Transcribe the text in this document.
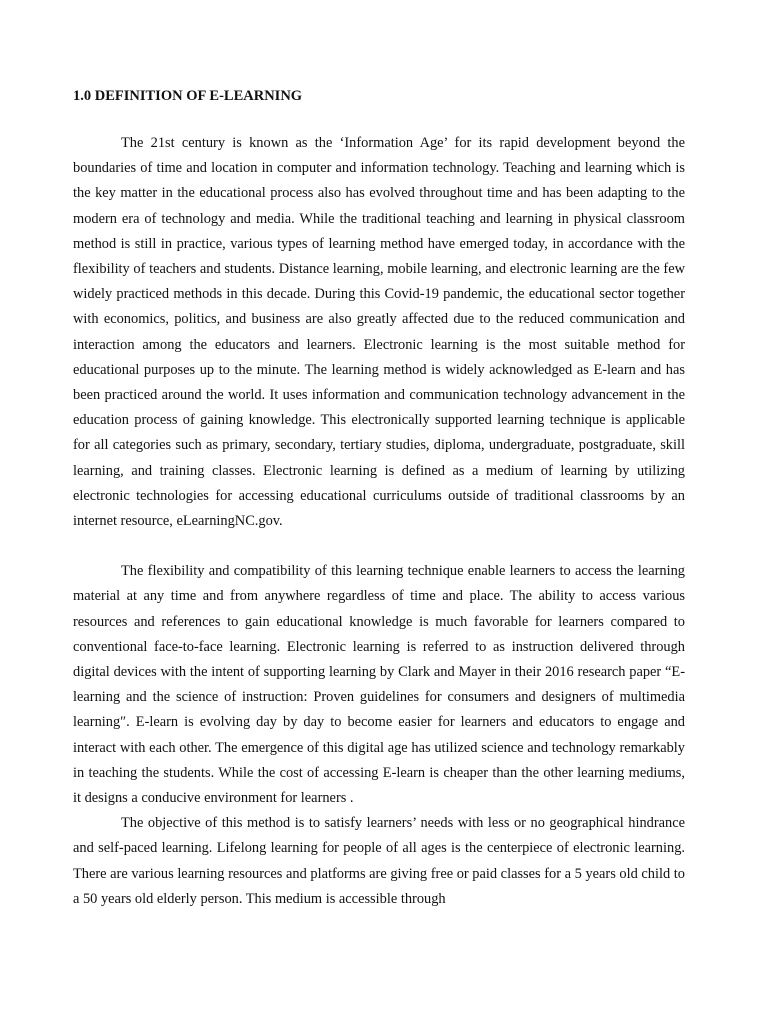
1.0 DEFINITION OF E-LEARNING

The 21st century is known as the ‘Information Age’ for its rapid development beyond the boundaries of time and location in computer and information technology. Teaching and learning which is the key matter in the educational process also has evolved throughout time and has been adapting to the modern era of technology and media. While the traditional teaching and learning in physical classroom method is still in practice, various types of learning method have emerged today, in accordance with the flexibility of teachers and students. Distance learning, mobile learning, and electronic learning are the few widely practiced methods in this decade. During this Covid-19 pandemic, the educational sector together with economics, politics, and business are also greatly affected due to the reduced communication and interaction among the educators and learners. Electronic learning is the most suitable method for educational purposes up to the minute. The learning method is widely acknowledged as E-learn and has been practiced around the world. It uses information and communication technology advancement in the education process of gaining knowledge. This electronically supported learning technique is applicable for all categories such as primary, secondary, tertiary studies, diploma, undergraduate, postgraduate, skill learning, and training classes. Electronic learning is defined as a medium of learning by utilizing electronic technologies for accessing educational curriculums outside of traditional classrooms by an internet resource, eLearningNC.gov.

The flexibility and compatibility of this learning technique enable learners to access the learning material at any time and from anywhere regardless of time and place. The ability to access various resources and references to gain educational knowledge is much favorable for learners compared to conventional face-to-face learning. Electronic learning is referred to as instruction delivered through digital devices with the intent of supporting learning by Clark and Mayer in their 2016 research paper “E-learning and the science of instruction: Proven guidelines for consumers and designers of multimedia learning″. E-learn is evolving day by day to become easier for learners and educators to engage and interact with each other. The emergence of this digital age has utilized science and technology remarkably in teaching the students. While the cost of accessing E-learn is cheaper than the other learning mediums, it designs a conducive environment for learners .

The objective of this method is to satisfy learners’ needs with less or no geographical hindrance and self-paced learning. Lifelong learning for people of all ages is the centerpiece of electronic learning. There are various learning resources and platforms are giving free or paid classes for a 5 years old child to a 50 years old elderly person. This medium is accessible through
